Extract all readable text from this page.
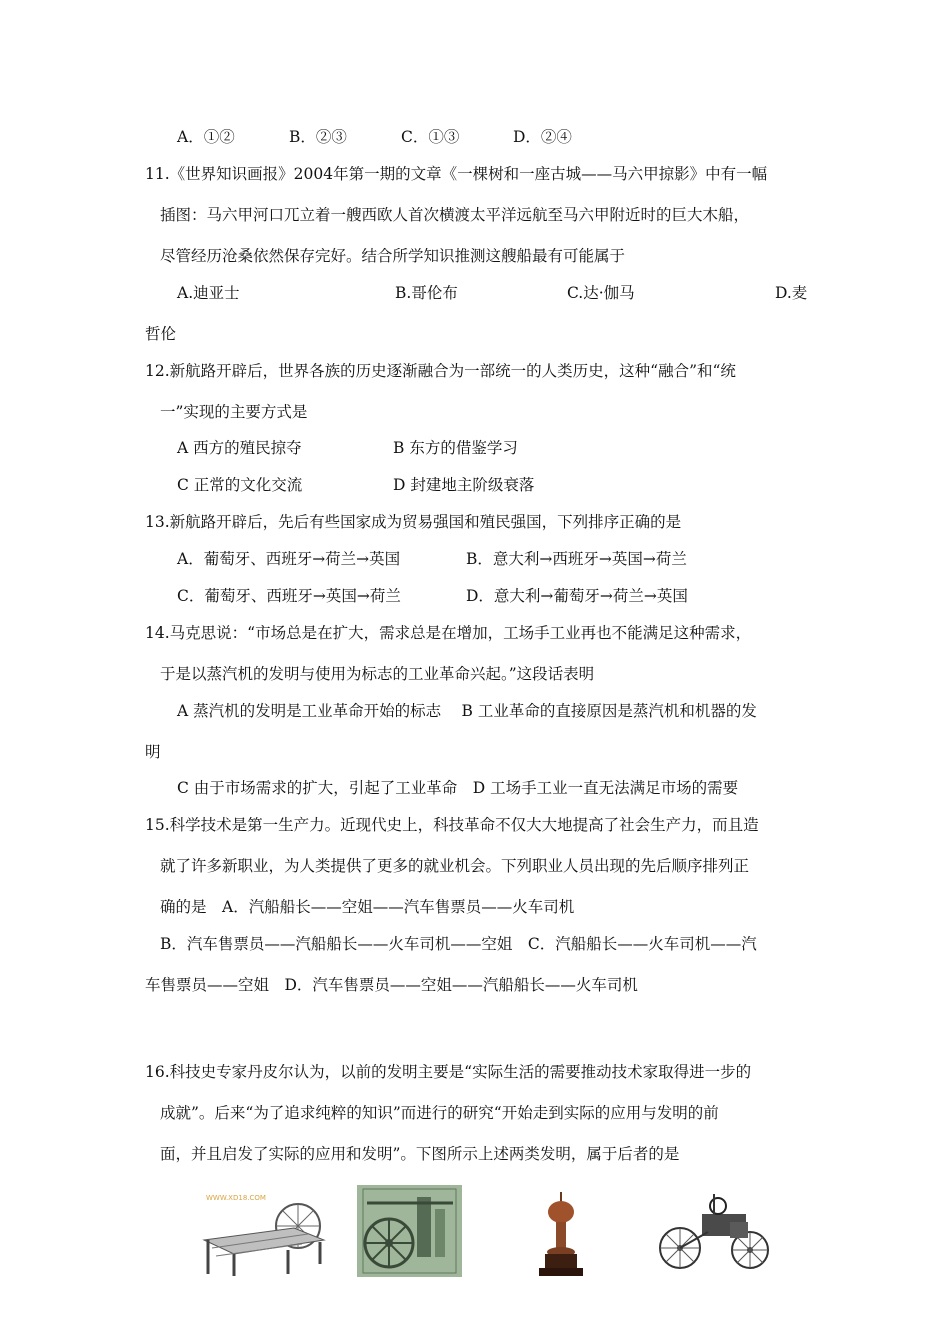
A．①②	B．②③	C．①③	D．②④
11.《世界知识画报》2004年第一期的文章《一棵树和一座古城——马六甲掠影》中有一幅
插图：马六甲河口兀立着一艘西欧人首次横渡太平洋远航至马六甲附近时的巨大木船，
尽管经历沧桑依然保存完好。结合所学知识推测这艘船最有可能属于
A.迪亚士	B.哥伦布	C.达·伽马	D.麦
哲伦
12.新航路开辟后，世界各族的历史逐渐融合为一部统一的人类历史，这种“融合”和“统
一”实现的主要方式是
A 西方的殖民掠夺	B 东方的借鉴学习
C 正常的文化交流	D 封建地主阶级衰落
13.新航路开辟后，先后有些国家成为贸易强国和殖民强国，下列排序正确的是
A．葡萄牙、西班牙→荷兰→英国	B．意大利→西班牙→英国→荷兰
C．葡萄牙、西班牙→英国→荷兰	D．意大利→葡萄牙→荷兰→英国
14.马克思说：“市场总是在扩大，需求总是在增加，工场手工业再也不能满足这种需求，
于是以蒸汽机的发明与使用为标志的工业革命兴起。”这段话表明
A 蒸汽机的发明是工业革命开始的标志　 B 工业革命的直接原因是蒸汽机和机器的发
明
C 由于市场需求的扩大，引起了工业革命　D 工场手工业一直无法满足市场的需要
15.科学技术是第一生产力。近现代史上，科技革命不仅大大地提高了社会生产力，而且造
就了许多新职业，为人类提供了更多的就业机会。下列职业人员出现的先后顺序排列正
确的是　A．汽船船长——空姐——汽车售票员——火车司机
B．汽车售票员——汽船船长——火车司机——空姐　C．汽船船长——火车司机——汽
车售票员——空姐　D．汽车售票员——空姐——汽船船长——火车司机
16.科技史专家丹皮尔认为，以前的发明主要是“实际生活的需要推动技术家取得进一步的
成就”。后来“为了追求纯粹的知识”而进行的研究“开始走到实际的应用与发明的前
面，并且启发了实际的应用和发明”。下图所示上述两类发明，属于后者的是
WWW.XD18.COM
